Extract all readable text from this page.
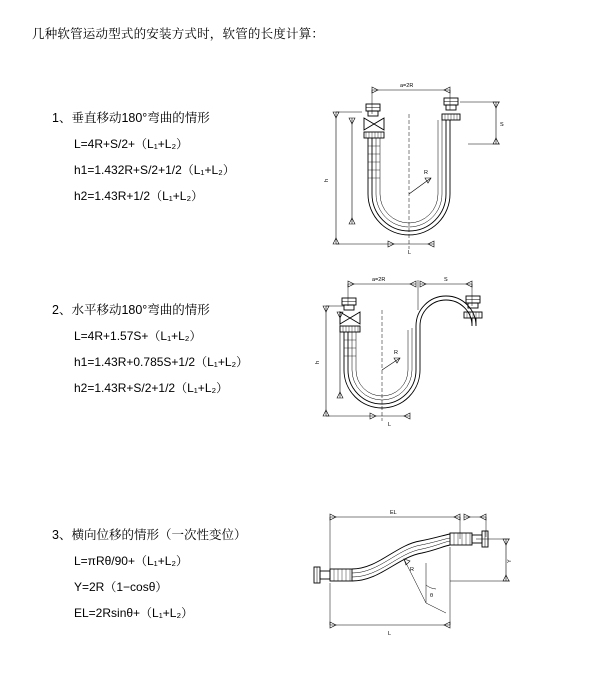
几种软管运动型式的安装方式时，软管的长度计算：
1、垂直移动180°弯曲的情形
L=4R+S/2+（L₁+L₂）
h1=1.432R+S/2+1/2（L₁+L₂）
h2=1.43R+1/2（L₁+L₂）
a=2R
h
S
R
L
2、水平移动180°弯曲的情形
L=4R+1.57S+（L₁+L₂）
h1=1.43R+0.785S+1/2（L₁+L₂）
h2=1.43R+S/2+1/2（L₁+L₂）
a=2R	S
h
R
L
3、横向位移的情形（一次性变位）
L=πRθ/90+（L₁+L₂）
Y=2R（1−cosθ）
EL=2Rsinθ+（L₁+L₂）
EL
Y
R
θ
L
